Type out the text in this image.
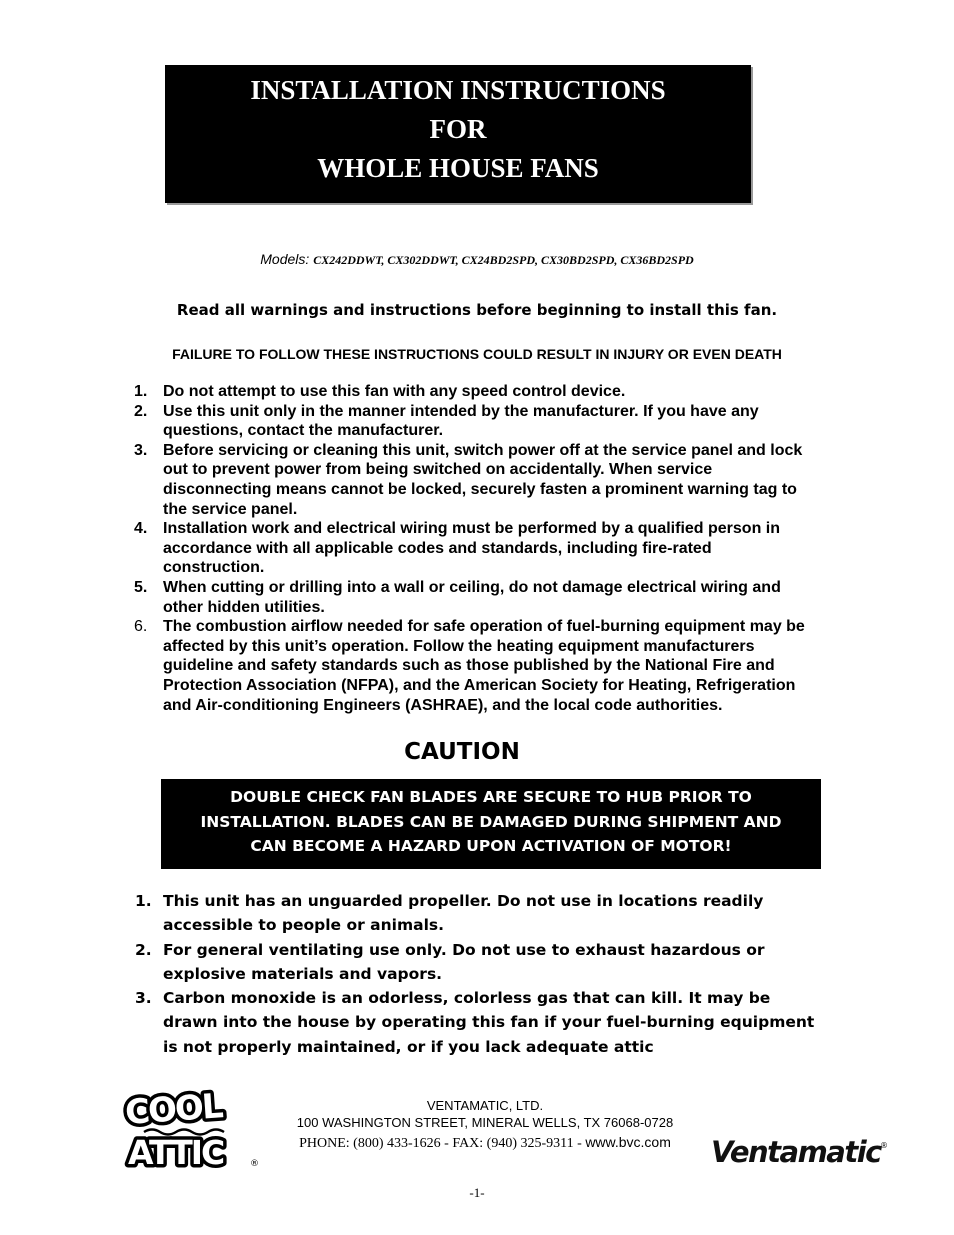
INSTALLATION INSTRUCTIONS
FOR
WHOLE HOUSE FANS
Models: CX242DDWT, CX302DDWT, CX24BD2SPD, CX30BD2SPD, CX36BD2SPD
Read all warnings and instructions before beginning to install this fan.
FAILURE TO FOLLOW THESE INSTRUCTIONS COULD RESULT IN INJURY OR EVEN DEATH
1. Do not attempt to use this fan with any speed control device.
2. Use this unit only in the manner intended by the manufacturer. If you have any questions, contact the manufacturer.
3. Before servicing or cleaning this unit, switch power off at the service panel and lock out to prevent power from being switched on accidentally. When service disconnecting means cannot be locked, securely fasten a prominent warning tag to the service panel.
4. Installation work and electrical wiring must be performed by a qualified person in accordance with all applicable codes and standards, including fire-rated construction.
5. When cutting or drilling into a wall or ceiling, do not damage electrical wiring and other hidden utilities.
6. The combustion airflow needed for safe operation of fuel-burning equipment may be affected by this unit’s operation. Follow the heating equipment manufacturers guideline and safety standards such as those published by the National Fire and Protection Association (NFPA), and the American Society for Heating, Refrigeration and Air-conditioning Engineers (ASHRAE), and the local code authorities.
CAUTION
DOUBLE CHECK FAN BLADES ARE SECURE TO HUB PRIOR TO
INSTALLATION. BLADES CAN BE DAMAGED DURING SHIPMENT AND
CAN BECOME A HAZARD UPON ACTIVATION OF MOTOR!
1. This unit has an unguarded propeller. Do not use in locations readily accessible to people or animals.
2. For general ventilating use only. Do not use to exhaust hazardous or explosive materials and vapors.
3. Carbon monoxide is an odorless, colorless gas that can kill. It may be drawn into the house by operating this fan if your fuel-burning equipment is not properly maintained, or if you lack adequate attic
COOL
ATTIC	®
VENTAMATIC, LTD.
100 WASHINGTON STREET, MINERAL WELLS, TX 76068-0728
PHONE: (800) 433-1626 - FAX: (940) 325-9311 - www.bvc.com	Ventamatic ®
-1-
